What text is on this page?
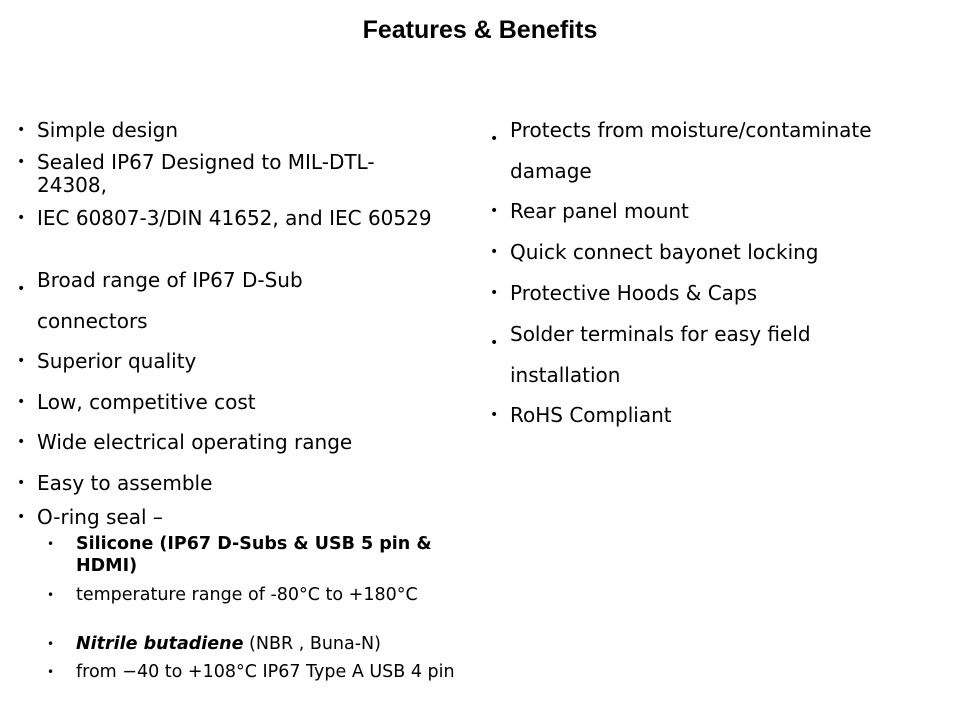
Features & Benefits
• Simple design
• Sealed IP67 Designed to MIL-DTL-24308,
• IEC 60807-3/DIN 41652, and IEC 60529
• Broad range of IP67 D-Sub connectors
• Superior quality
• Low, competitive cost
• Wide electrical operating range
• Easy to assemble
• O-ring seal –
• Silicone (IP67 D-Subs & USB 5 pin & HDMI)
• temperature range of -80°C to +180°C
• Nitrile butadiene (NBR , Buna-N)
• from −40 to +108°C IP67 Type A USB 4 pin
• Protects from moisture/contaminate damage
• Rear panel mount
• Quick connect bayonet locking
• Protective Hoods & Caps
• Solder terminals for easy field installation
• RoHS Compliant
